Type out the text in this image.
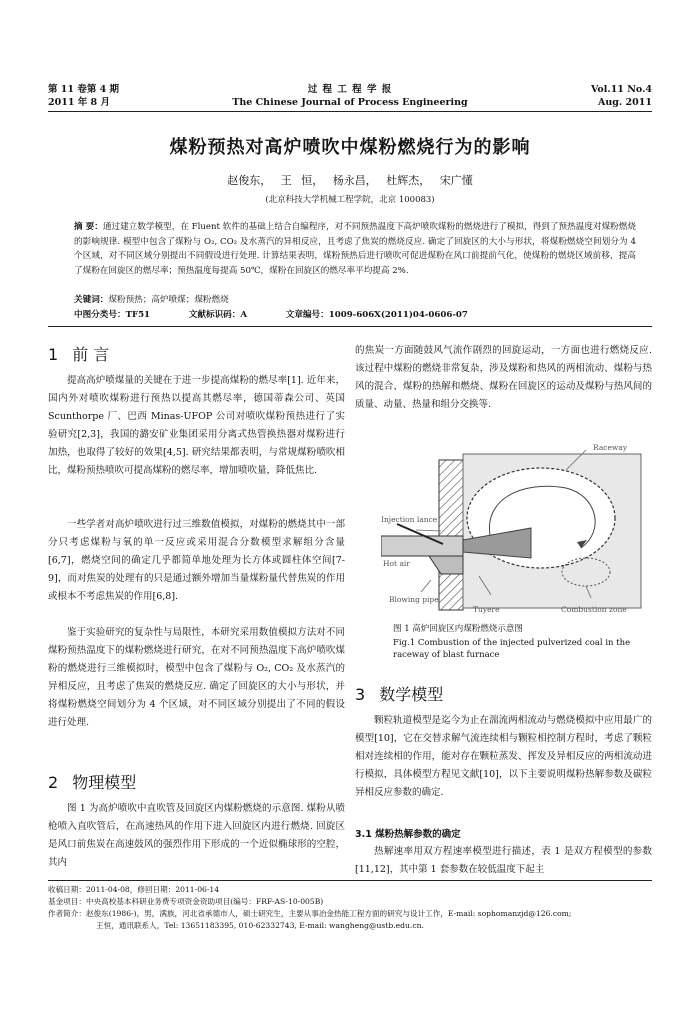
第 11 卷第 4 期
2011 年 8 月
过 程 工 程 学 报
The Chinese Journal of Process Engineering
Vol.11 No.4
Aug. 2011
煤粉预热对高炉喷吹中煤粉燃烧行为的影响
赵俊东， 王 恒， 杨永昌， 杜辉杰， 宋广懂
(北京科技大学机械工程学院，北京 100083)
摘 要：通过建立数学模型，在 Fluent 软件的基础上结合自编程序，对不同预热温度下高炉喷吹煤粉的燃烧进行了模拟，得到了预热温度对煤粉燃烧的影响规律. 模型中包含了煤粉与 O₂, CO₂ 及水蒸汽的异相反应，且考虑了焦炭的燃烧反应. 确定了回旋区的大小与形状，将煤粉燃烧空间划分为 4 个区域，对不同区域分别提出不同假设进行处理. 计算结果表明，煤粉预热后进行喷吹可促进煤粉在风口前提前气化，使煤粉的燃烧区域前移，提高了煤粉在回旋区的燃尽率；预热温度每提高 50℃，煤粉在回旋区的燃尽率平均提高 2%.
关键词：煤粉预热；高炉喷煤；煤粉燃烧
中图分类号：TF51	文献标识码：A	文章编号：1009-606X(2011)04-0606-07
1 前 言

提高高炉喷煤量的关键在于进一步提高煤粉的燃尽率[1]. 近年来，国内外对喷吹煤粉进行预热以提高其燃尽率，德国蒂森公司、英国 Scunthorpe 厂、巴西 Minas-UFOP 公司对喷吹煤粉预热进行了实验研究[2,3]，我国的潞安矿业集团采用分离式热管换热器对煤粉进行加热，也取得了较好的效果[4,5]. 研究结果都表明，与常规煤粉喷吹相比，煤粉预热喷吹可提高煤粉的燃尽率，增加喷吹量，降低焦比.

一些学者对高炉喷吹进行过三维数值模拟，对煤粉的燃烧其中一部分只考虑煤粉与氧的单一反应或采用混合分数模型求解组分含量[6,7]，燃烧空间的确定几乎都简单地处理为长方体或圆柱体空间[7-9]，而对焦炭的处理有的只是通过额外增加当量煤粉量代替焦炭的作用或根本不考虑焦炭的作用[6,8].

鉴于实验研究的复杂性与局限性，本研究采用数值模拟方法对不同煤粉预热温度下的煤粉燃烧进行研究，在对不同预热温度下高炉喷吹煤粉的燃烧进行三维模拟时，模型中包含了煤粉与 O₂, CO₂ 及水蒸汽的异相反应，且考虑了焦炭的燃烧反应. 确定了回旋区的大小与形状，并将煤粉燃烧空间划分为 4 个区域，对不同区域分别提出了不同的假设进行处理.

2 物理模型

图 1 为高炉喷吹中直吹管及回旋区内煤粉燃烧的示意图. 煤粉从喷枪喷入直吹管后，在高速热风的作用下进入回旋区内进行燃烧. 回旋区是风口前焦炭在高速鼓风的强烈作用下形成的一个近似椭球形的空腔，其内

的焦炭一方面随鼓风气流作剧烈的回旋运动，一方面也进行燃烧反应. 该过程中煤粉的燃烧非常复杂，涉及煤粉和热风的两相流动、煤粉与热风的混合、煤粉的热解和燃烧、煤粉在回旋区的运动及煤粉与热风间的质量、动量、热量和组分交换等.

Raceway
Injection lance
Hot air
Blowing pipe
Tuyere	Combustion zone
图 1 高炉回旋区内煤粉燃烧示意图
Fig.1 Combustion of the injected pulverized coal in the raceway of blast furnace
3 数学模型

颗粒轨道模型是迄今为止在湍流两相流动与燃烧模拟中应用最广的模型[10]，它在交替求解气流连续相与颗粒相控制方程时，考虑了颗粒相对连续相的作用，能对存在颗粒蒸发、挥发及异相反应的两相流动进行模拟，具体模型方程见文献[10]，以下主要说明煤粉热解参数及碳粒异相反应参数的确定.

3.1 煤粉热解参数的确定

热解速率用双方程速率模型进行描述，表 1 是双方程模型的参数[11,12]，其中第 1 套参数在较低温度下起主

收稿日期：2011-04-08，修回日期：2011-06-14
基金项目：中央高校基本科研业务费专项资金资助项目(编号：FRF-AS-10-005B)
作者简介：赵俊东(1986-)，男，满族，河北省承德市人，硕士研究生，主要从事冶金热能工程方面的研究与设计工作，E-mail: sophomanzjd@126.com;
王恒，通讯联系人，Tel: 13651183395, 010-62332743, E-mail: wangheng@ustb.edu.cn.
